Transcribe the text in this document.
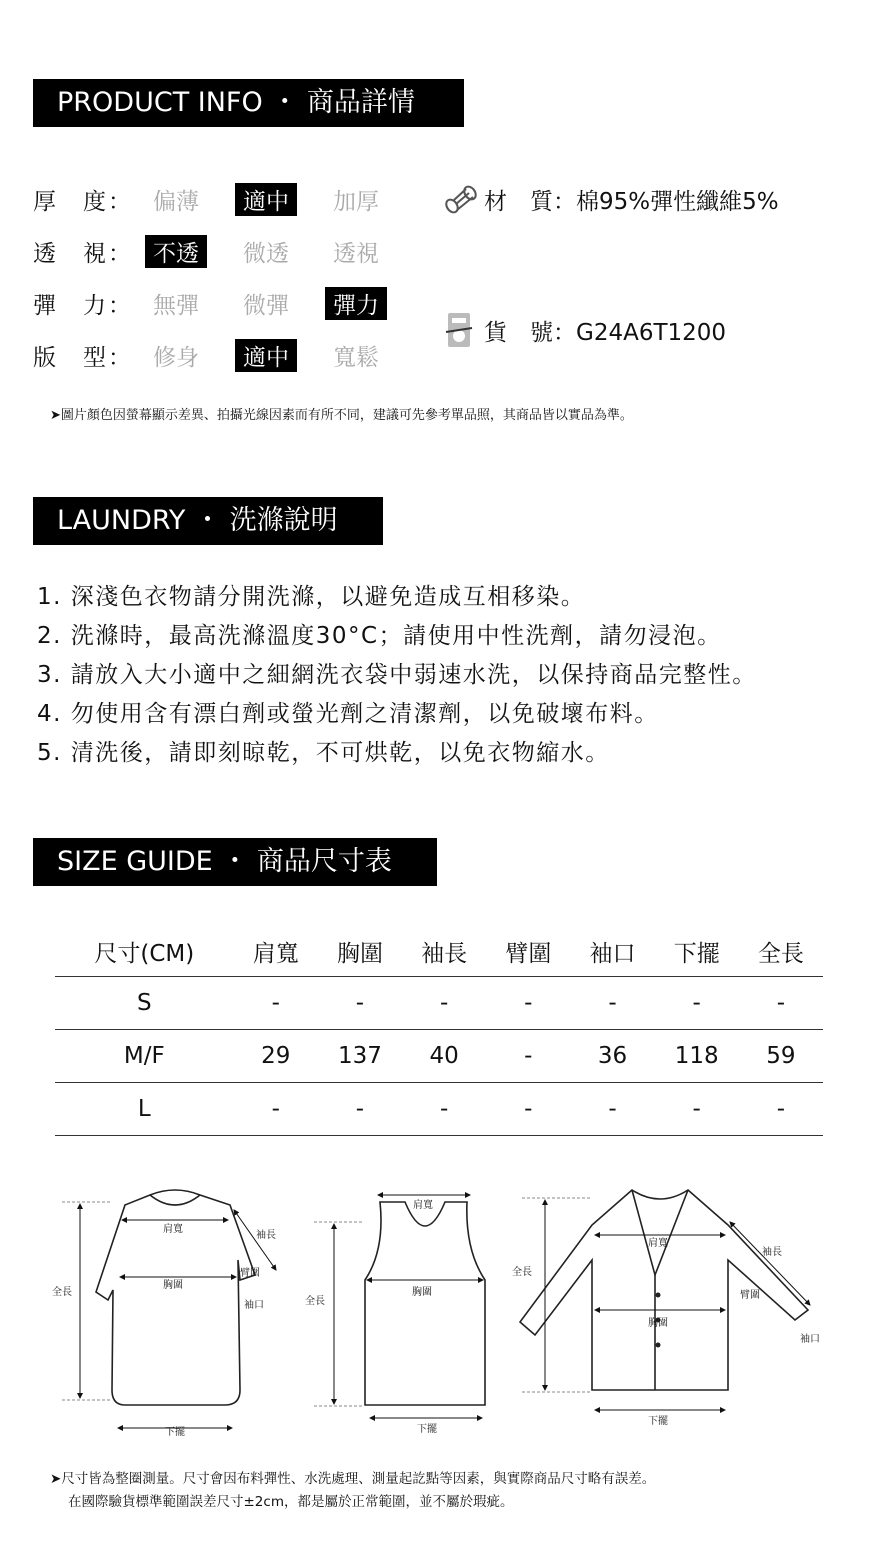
PRODUCT INFO ・ 商品詳情
厚　度： 偏薄	適中	加厚
透　視： 不透	微透	透視
彈　力： 無彈	微彈	彈力
版　型： 修身	適中	寬鬆
材　質：棉95%彈性纖維5%
貨　號：G24A6T1200
➤圖片顏色因螢幕顯示差異、拍攝光線因素而有所不同，建議可先參考單品照，其商品皆以實品為準。
LAUNDRY ・ 洗滌說明
1. 深淺色衣物請分開洗滌，以避免造成互相移染。
2. 洗滌時，最高洗滌溫度30°C；請使用中性洗劑，請勿浸泡。
3. 請放入大小適中之細網洗衣袋中弱速水洗，以保持商品完整性。
4. 勿使用含有漂白劑或螢光劑之清潔劑，以免破壞布料。
5. 清洗後，請即刻晾乾，不可烘乾，以免衣物縮水。
SIZE GUIDE ・ 商品尺寸表
尺寸(CM)	肩寬	胸圍	袖長	臂圍	袖口	下擺	全長
S	-	-	-	-	-	-	-
M/F	29	137	40	-	36	118	59
L	-	-	-	-	-	-	-
肩寬
胸圍
袖長
臂圍
袖口
全長
下擺
肩寬
胸圍
全長
下擺
肩寬
胸圍
袖長
臂圍
袖口
全長
下擺
➤尺寸皆為整圈測量。尺寸會因布料彈性、水洗處理、測量起訖點等因素，與實際商品尺寸略有誤差。
在國際驗貨標準範圍誤差尺寸±2cm，都是屬於正常範圍，並不屬於瑕疵。
